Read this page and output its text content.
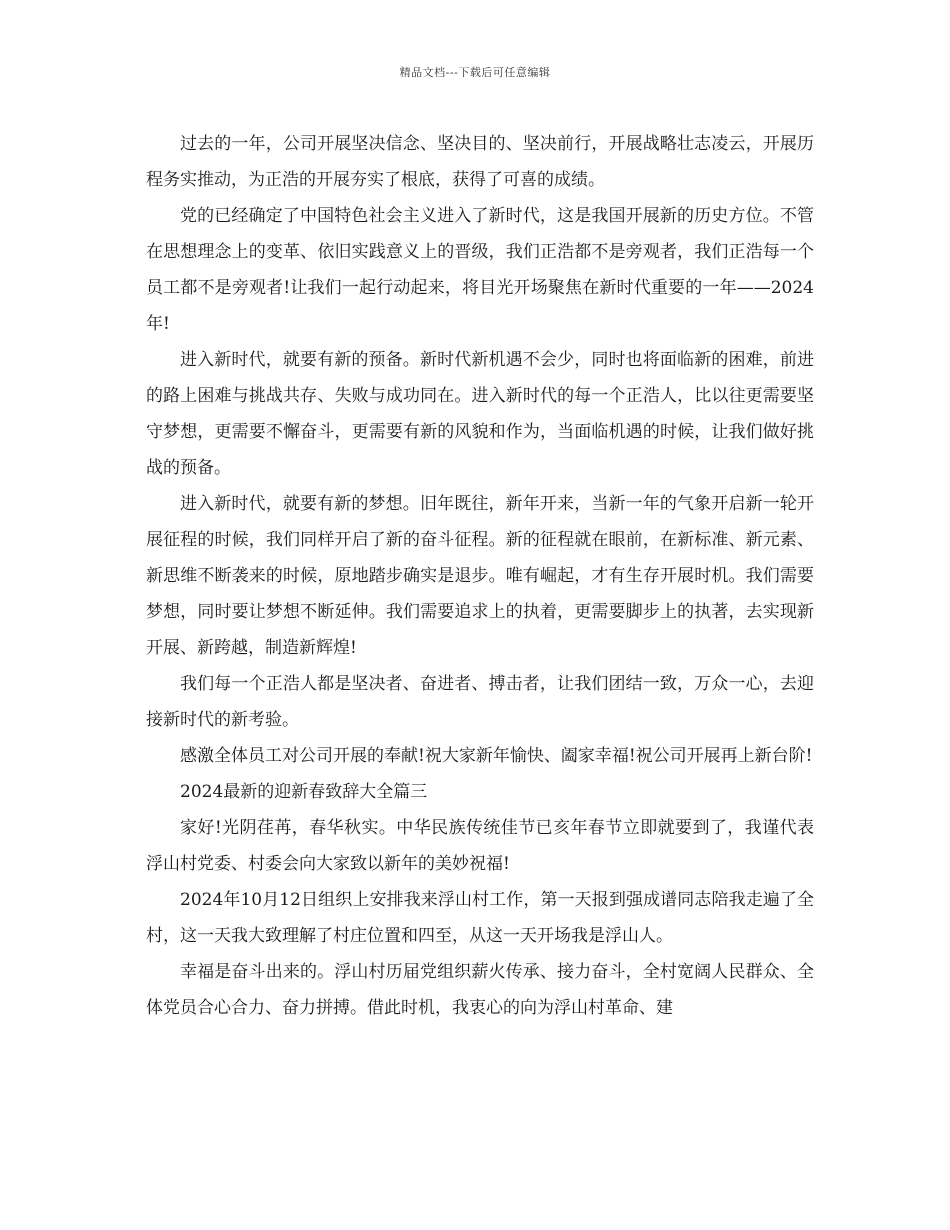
精品文档---下载后可任意编辑

过去的一年，公司开展坚决信念、坚决目的、坚决前行，开展战略壮志凌云，开展历程务实推动，为正浩的开展夯实了根底，获得了可喜的成绩。

党的已经确定了中国特色社会主义进入了新时代，这是我国开展新的历史方位。不管在思想理念上的变革、依旧实践意义上的晋级，我们正浩都不是旁观者，我们正浩每一个员工都不是旁观者!让我们一起行动起来，将目光开场聚焦在新时代重要的一年——2024年!

进入新时代，就要有新的预备。新时代新机遇不会少，同时也将面临新的困难，前进的路上困难与挑战共存、失败与成功同在。进入新时代的每一个正浩人，比以往更需要坚守梦想，更需要不懈奋斗，更需要有新的风貌和作为，当面临机遇的时候，让我们做好挑战的预备。

进入新时代，就要有新的梦想。旧年既往，新年开来，当新一年的气象开启新一轮开展征程的时候，我们同样开启了新的奋斗征程。新的征程就在眼前，在新标准、新元素、新思维不断袭来的时候，原地踏步确实是退步。唯有崛起，才有生存开展时机。我们需要梦想，同时要让梦想不断延伸。我们需要追求上的执着，更需要脚步上的执著，去实现新开展、新跨越，制造新辉煌!

我们每一个正浩人都是坚决者、奋进者、搏击者，让我们团结一致，万众一心，去迎接新时代的新考验。

感激全体员工对公司开展的奉献!祝大家新年愉快、阖家幸福!祝公司开展再上新台阶!

2024最新的迎新春致辞大全篇三

家好!光阴荏苒，春华秋实。中华民族传统佳节已亥年春节立即就要到了，我谨代表浮山村党委、村委会向大家致以新年的美妙祝福!

2024年10月12日组织上安排我来浮山村工作，第一天报到强成谱同志陪我走遍了全村，这一天我大致理解了村庄位置和四至，从这一天开场我是浮山人。

幸福是奋斗出来的。浮山村历届党组织薪火传承、接力奋斗，全村宽阔人民群众、全体党员合心合力、奋力拼搏。借此时机，我衷心的向为浮山村革命、建
